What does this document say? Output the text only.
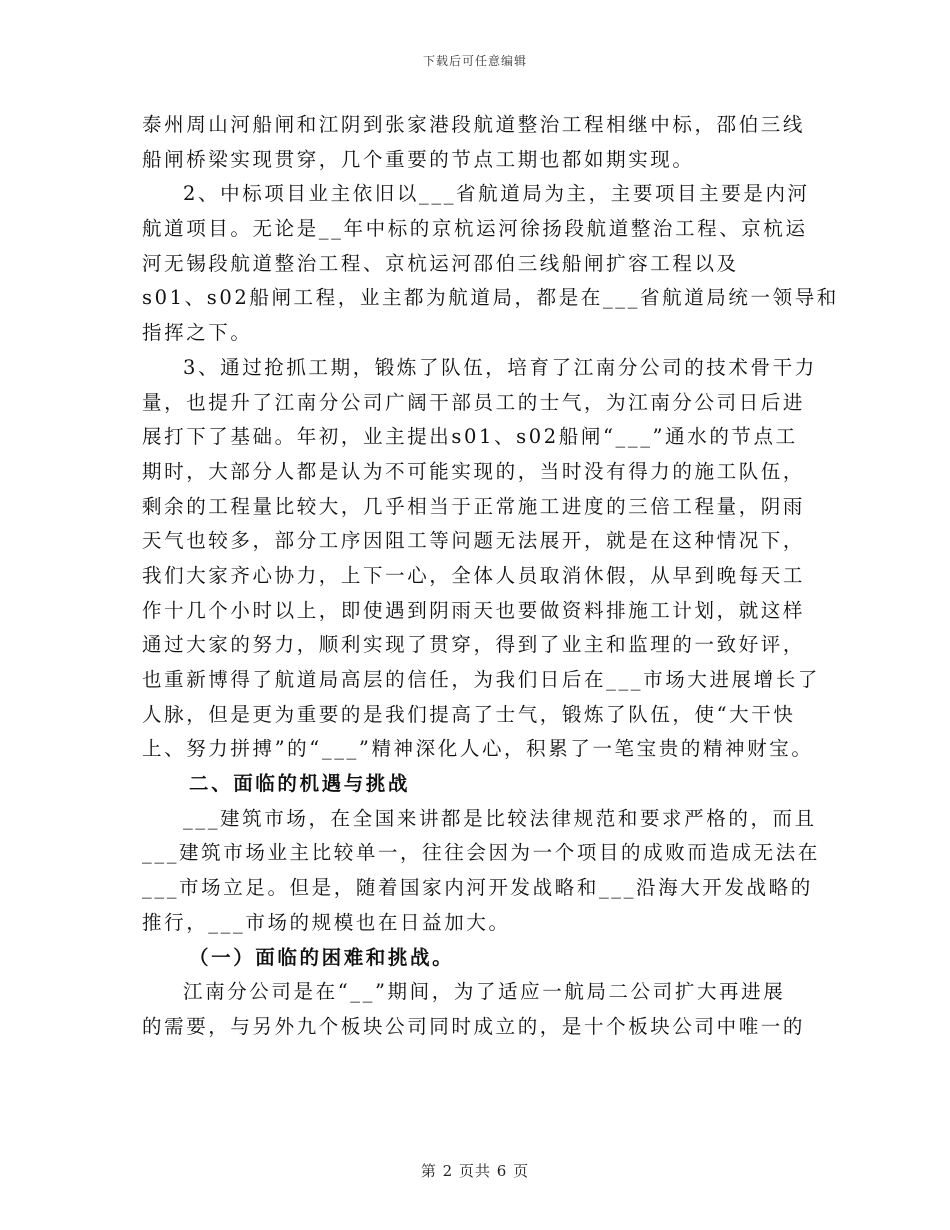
下载后可任意编辑
泰州周山河船闸和江阴到张家港段航道整治工程相继中标，邵伯三线
船闸桥梁实现贯穿，几个重要的节点工期也都如期实现。
2、中标项目业主依旧以___省航道局为主，主要项目主要是内河
航道项目。无论是__年中标的京杭运河徐扬段航道整治工程、京杭运
河无锡段航道整治工程、京杭运河邵伯三线船闸扩容工程以及
s01、s02船闸工程，业主都为航道局，都是在___省航道局统一领导和
指挥之下。
3、通过抢抓工期，锻炼了队伍，培育了江南分公司的技术骨干力
量，也提升了江南分公司广阔干部员工的士气，为江南分公司日后进
展打下了基础。年初，业主提出s01、s02船闸“___”通水的节点工
期时，大部分人都是认为不可能实现的，当时没有得力的施工队伍，
剩余的工程量比较大，几乎相当于正常施工进度的三倍工程量，阴雨
天气也较多，部分工序因阻工等问题无法展开，就是在这种情况下，
我们大家齐心协力，上下一心，全体人员取消休假，从早到晚每天工
作十几个小时以上，即使遇到阴雨天也要做资料排施工计划，就这样
通过大家的努力，顺利实现了贯穿，得到了业主和监理的一致好评，
也重新博得了航道局高层的信任，为我们日后在___市场大进展增长了
人脉，但是更为重要的是我们提高了士气，锻炼了队伍，使“大干快
上、努力拼搏”的“___”精神深化人心，积累了一笔宝贵的精神财宝。
二、面临的机遇与挑战
___建筑市场，在全国来讲都是比较法律规范和要求严格的，而且
___建筑市场业主比较单一，往往会因为一个项目的成败而造成无法在
___市场立足。但是，随着国家内河开发战略和___沿海大开发战略的
推行，___市场的规模也在日益加大。
（一）面临的困难和挑战。
江南分公司是在“__”期间，为了适应一航局二公司扩大再进展
的需要，与另外九个板块公司同时成立的，是十个板块公司中唯一的
第 2 页共 6 页
